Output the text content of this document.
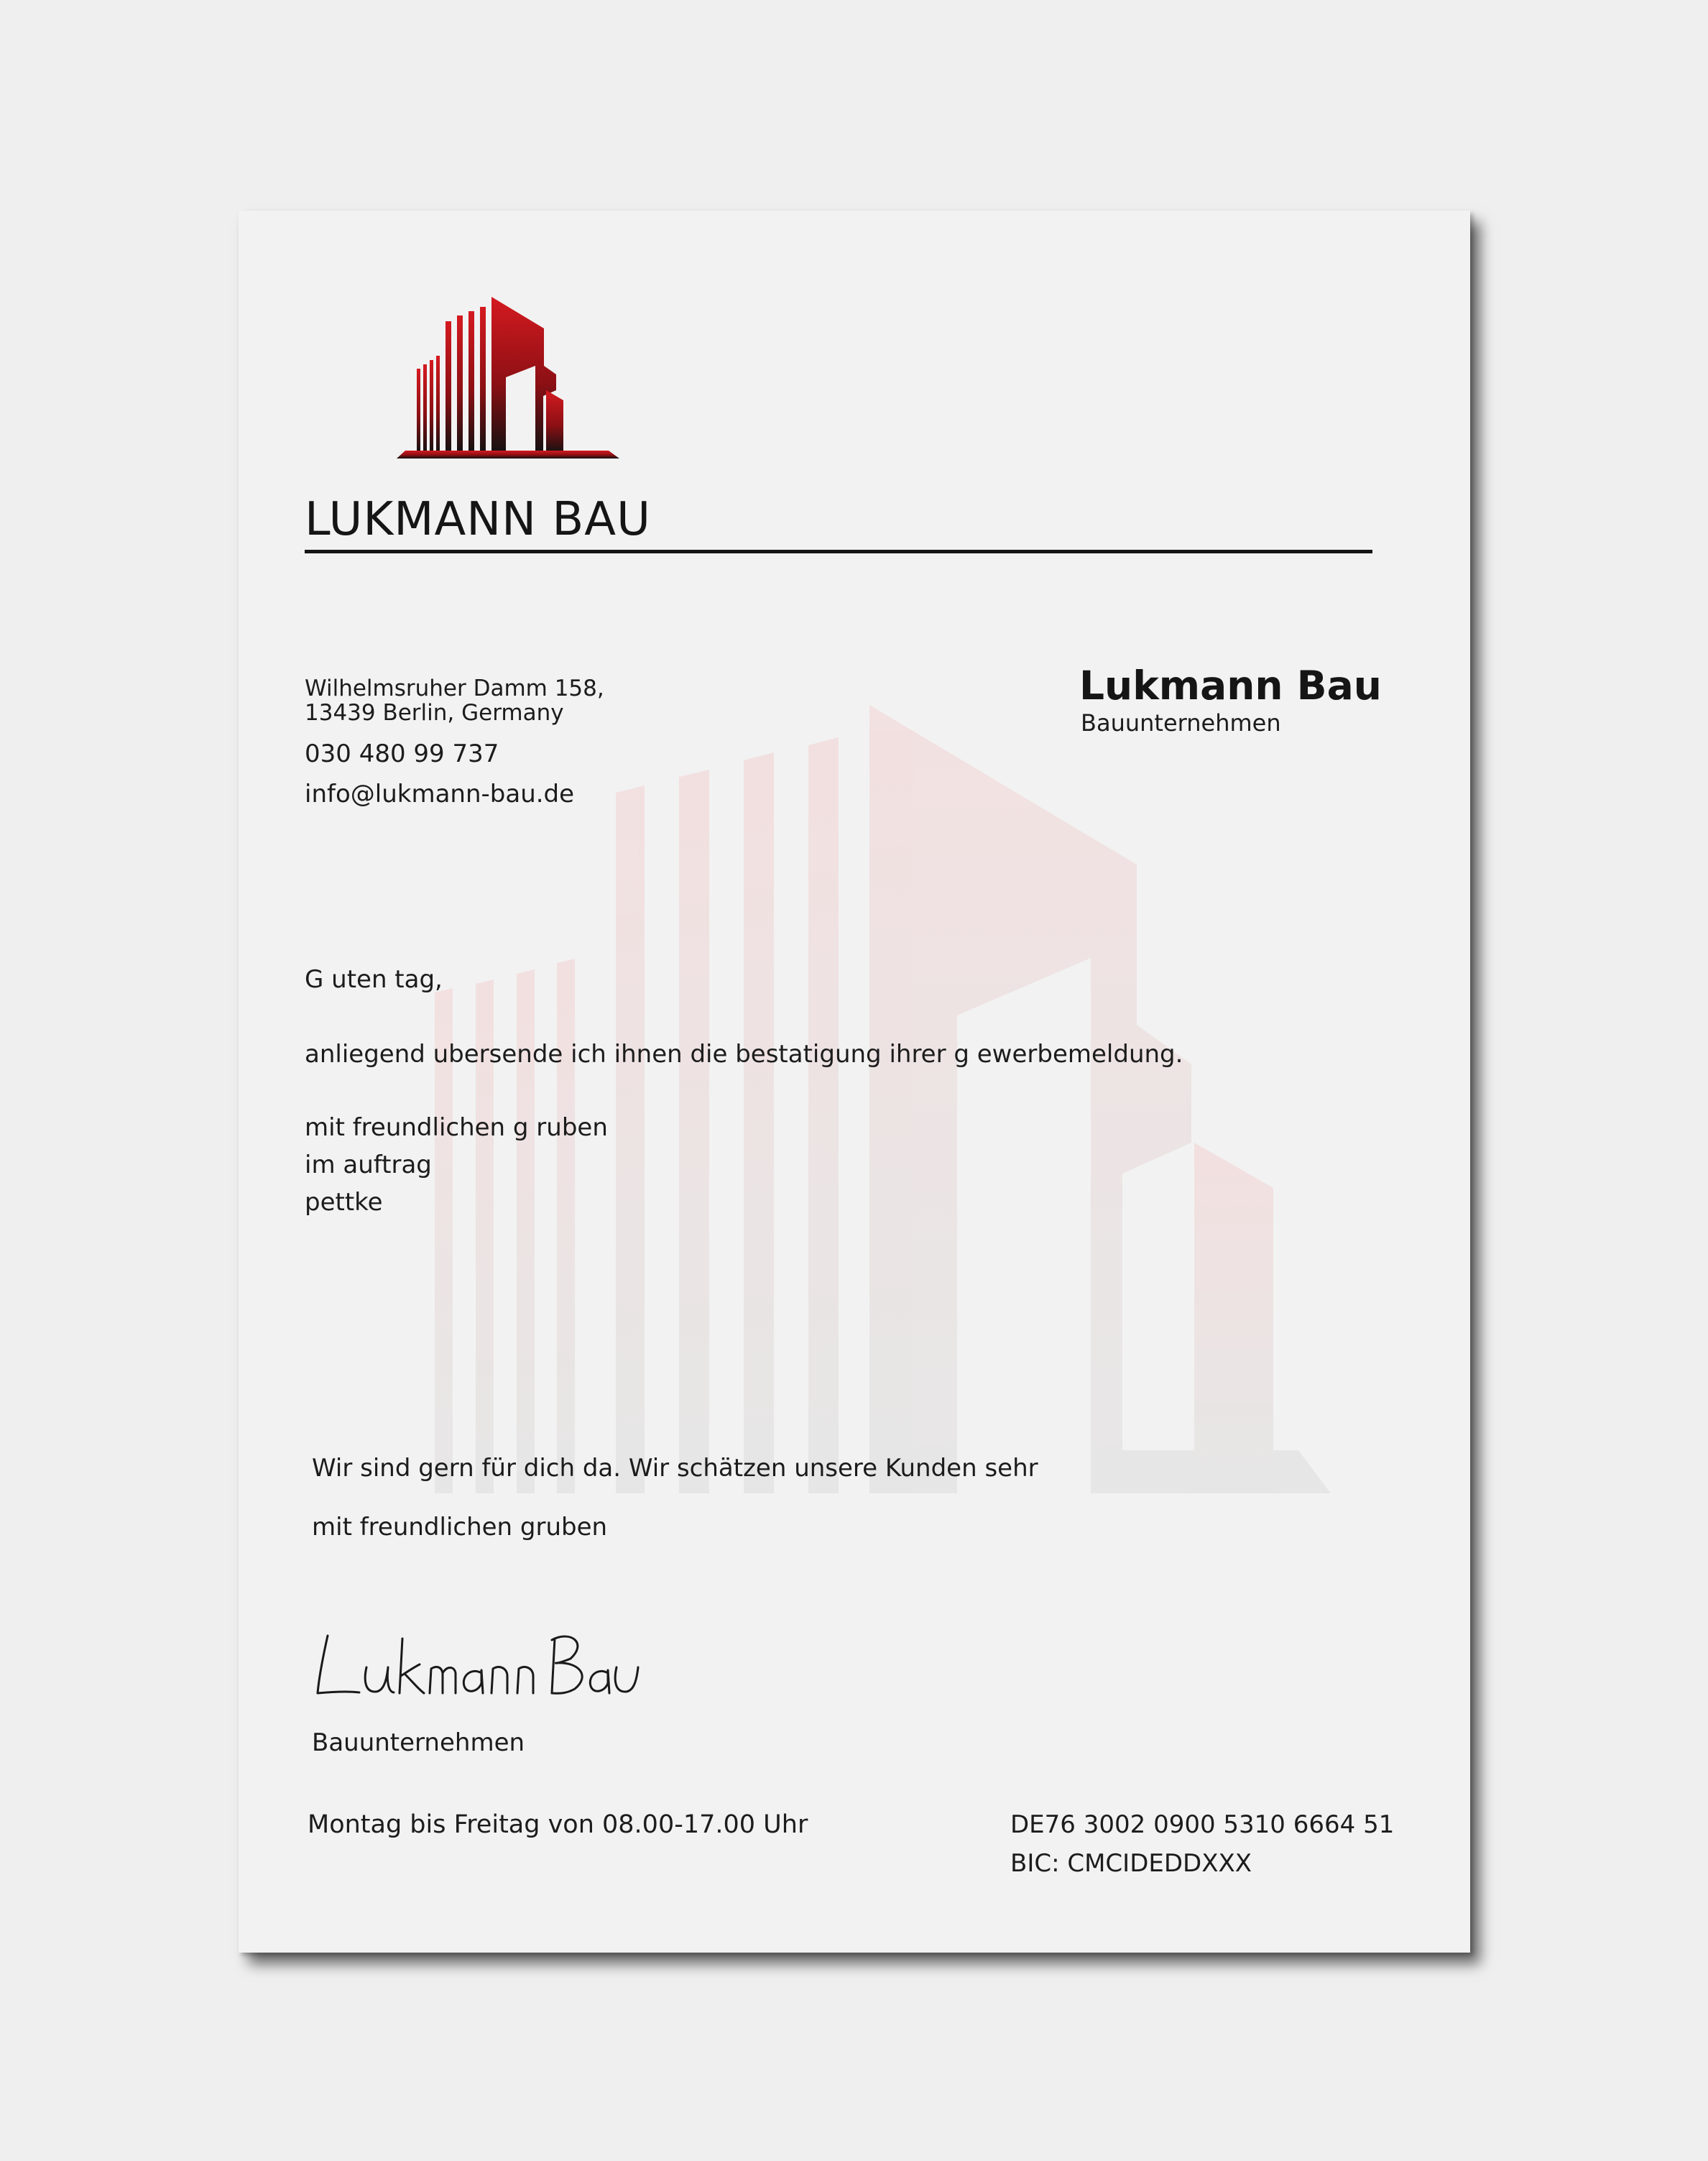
LUKMANN BAU
Wilhelmsruher Damm 158,
13439 Berlin, Germany
030 480 99 737
info@lukmann-bau.de
Lukmann Bau
Bauunternehmen
G uten tag,
anliegend ubersende ich ihnen die bestatigung ihrer g ewerbemeldung.
mit freundlichen g ruben
im auftrag
pettke
Wir sind gern für dich da. Wir schätzen unsere Kunden sehr
mit freundlichen gruben
Bauunternehmen
Montag bis Freitag von 08.00-17.00 Uhr	DE76 3002 0900 5310 6664 51
BIC: CMCIDEDDXXX
